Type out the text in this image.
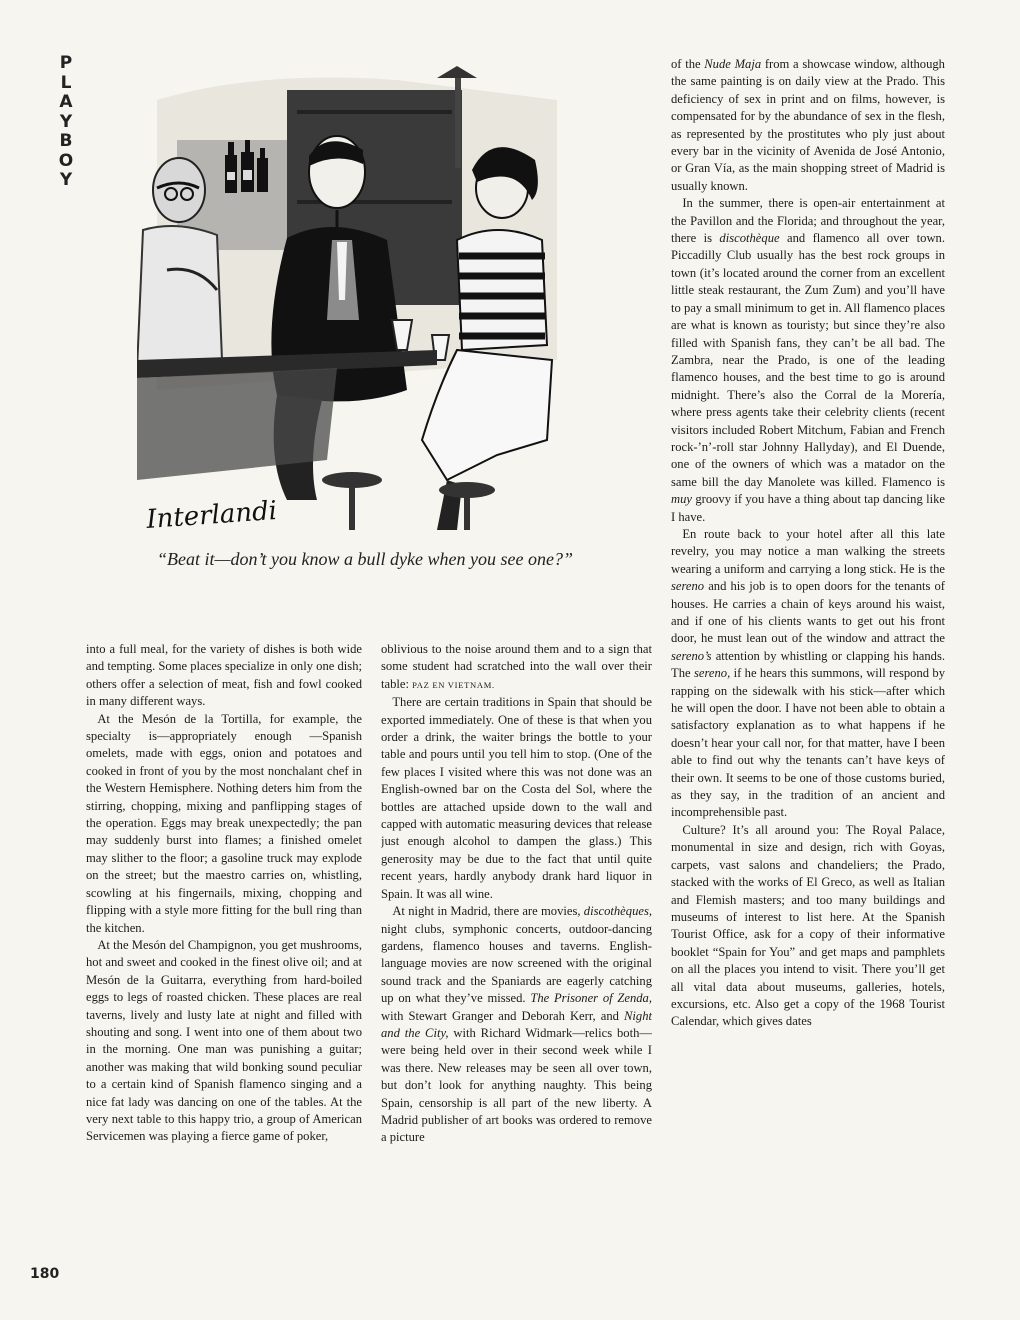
P
L
A
Y
B
O
Y
Interlandi
“Beat it—don’t you know a bull dyke when you see one?”

into a full meal, for the variety of dishes is both wide and tempting. Some places specialize in only one dish; others offer a selection of meat, fish and fowl cooked in many different ways.

At the Mesón de la Tortilla, for example, the specialty is—appropriately enough —Spanish omelets, made with eggs, onion and potatoes and cooked in front of you by the most nonchalant chef in the Western Hemisphere. Nothing deters him from the stirring, chopping, mixing and panflipping stages of the operation. Eggs may break unexpectedly; the pan may suddenly burst into flames; a finished omelet may slither to the floor; a gasoline truck may explode on the street; but the maestro carries on, whistling, scowling at his fingernails, mixing, chopping and flipping with a style more fitting for the bull ring than the kitchen.

At the Mesón del Champignon, you get mushrooms, hot and sweet and cooked in the finest olive oil; and at Mesón de la Guitarra, everything from hard-boiled eggs to legs of roasted chicken. These places are real taverns, lively and lusty late at night and filled with shouting and song. I went into one of them about two in the morning. One man was punishing a guitar; another was making that wild bonking sound peculiar to a certain kind of Spanish flamenco singing and a nice fat lady was dancing on one of the tables. At the very next table to this happy trio, a group of American Servicemen was playing a fierce game of poker,

oblivious to the noise around them and to a sign that some student had scratched into the wall over their table: PAZ EN VIETNAM.

There are certain traditions in Spain that should be exported immediately. One of these is that when you order a drink, the waiter brings the bottle to your table and pours until you tell him to stop. (One of the few places I visited where this was not done was an English-owned bar on the Costa del Sol, where the bottles are attached upside down to the wall and capped with automatic measuring devices that release just enough alcohol to dampen the glass.) This generosity may be due to the fact that until quite recent years, hardly anybody drank hard liquor in Spain. It was all wine.

At night in Madrid, there are movies, discothèques, night clubs, symphonic concerts, outdoor-dancing gardens, flamenco houses and taverns. English-language movies are now screened with the original sound track and the Spaniards are eagerly catching up on what they’ve missed. The Prisoner of Zenda, with Stewart Granger and Deborah Kerr, and Night and the City, with Richard Widmark—relics both—were being held over in their second week while I was there. New releases may be seen all over town, but don’t look for anything naughty. This being Spain, censorship is all part of the new liberty. A Madrid publisher of art books was ordered to remove a picture

of the Nude Maja from a showcase window, although the same painting is on daily view at the Prado. This deficiency of sex in print and on films, however, is compensated for by the abundance of sex in the flesh, as represented by the prostitutes who ply just about every bar in the vicinity of Avenida de José Antonio, or Gran Vía, as the main shopping street of Madrid is usually known.

In the summer, there is open-air entertainment at the Pavillon and the Florida; and throughout the year, there is discothèque and flamenco all over town. Piccadilly Club usually has the best rock groups in town (it’s located around the corner from an excellent little steak restaurant, the Zum Zum) and you’ll have to pay a small minimum to get in. All flamenco places are what is known as touristy; but since they’re also filled with Spanish fans, they can’t be all bad. The Zambra, near the Prado, is one of the leading flamenco houses, and the best time to go is around midnight. There’s also the Corral de la Morería, where press agents take their celebrity clients (recent visitors included Robert Mitchum, Fabian and French rock-’n’-roll star Johnny Hallyday), and El Duende, one of the owners of which was a matador on the same bill the day Manolete was killed. Flamenco is muy groovy if you have a thing about tap dancing like I have.

En route back to your hotel after all this late revelry, you may notice a man walking the streets wearing a uniform and carrying a long stick. He is the sereno and his job is to open doors for the tenants of houses. He carries a chain of keys around his waist, and if one of his clients wants to get out his front door, he must lean out of the window and attract the sereno’s attention by whistling or clapping his hands. The sereno, if he hears this summons, will respond by rapping on the sidewalk with his stick—after which he will open the door. I have not been able to obtain a satisfactory explanation as to what happens if he doesn’t hear your call nor, for that matter, have I been able to find out why the tenants can’t have keys of their own. It seems to be one of those customs buried, as they say, in the tradition of an ancient and incomprehensible past.

Culture? It’s all around you: The Royal Palace, monumental in size and design, rich with Goyas, carpets, vast salons and chandeliers; the Prado, stacked with the works of El Greco, as well as Italian and Flemish masters; and too many buildings and museums of interest to list here. At the Spanish Tourist Office, ask for a copy of their informative booklet “Spain for You” and get maps and pamphlets on all the places you intend to visit. There you’ll get all vital data about museums, galleries, hotels, excursions, etc. Also get a copy of the 1968 Tourist Calendar, which gives dates

180
